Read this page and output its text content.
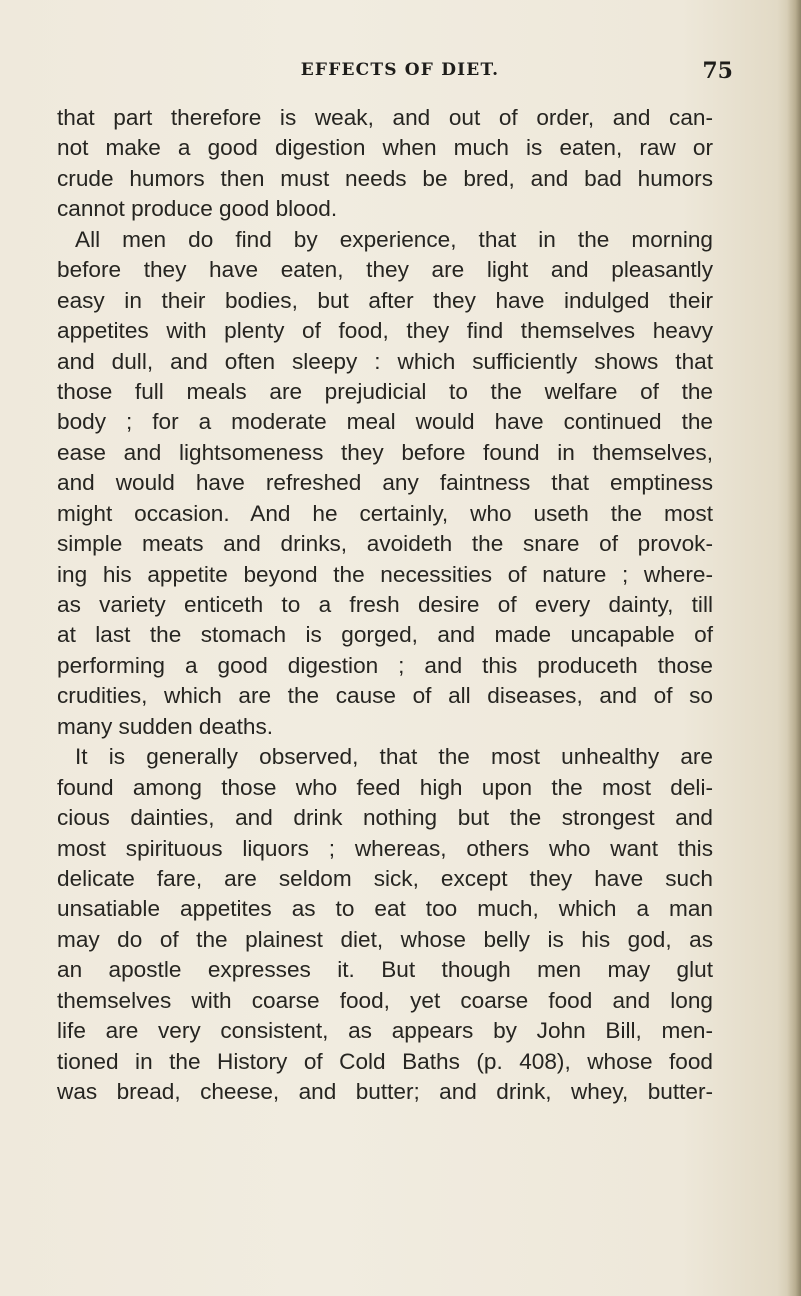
EFFECTS OF DIET.	75
that part therefore is weak, and out of order, and can-
not make a good digestion when much is eaten, raw or
crude humors then must needs be bred, and bad humors
cannot produce good blood.
All men do find by experience, that in the morning
before they have eaten, they are light and pleasantly
easy in their bodies, but after they have indulged their
appetites with plenty of food, they find themselves heavy
and dull, and often sleepy : which sufficiently shows that
those full meals are prejudicial to the welfare of the
body ; for a moderate meal would have continued the
ease and lightsomeness they before found in themselves,
and would have refreshed any faintness that emptiness
might occasion. And he certainly, who useth the most
simple meats and drinks, avoideth the snare of provok-
ing his appetite beyond the necessities of nature ; where-
as variety enticeth to a fresh desire of every dainty, till
at last the stomach is gorged, and made uncapable of
performing a good digestion ; and this produceth those
crudities, which are the cause of all diseases, and of so
many sudden deaths.
It is generally observed, that the most unhealthy are
found among those who feed high upon the most deli-
cious dainties, and drink nothing but the strongest and
most spirituous liquors ; whereas, others who want this
delicate fare, are seldom sick, except they have such
unsatiable appetites as to eat too much, which a man
may do of the plainest diet, whose belly is his god, as
an apostle expresses it. But though men may glut
themselves with coarse food, yet coarse food and long
life are very consistent, as appears by John Bill, men-
tioned in the History of Cold Baths (p. 408), whose food
was bread, cheese, and butter; and drink, whey, butter-
